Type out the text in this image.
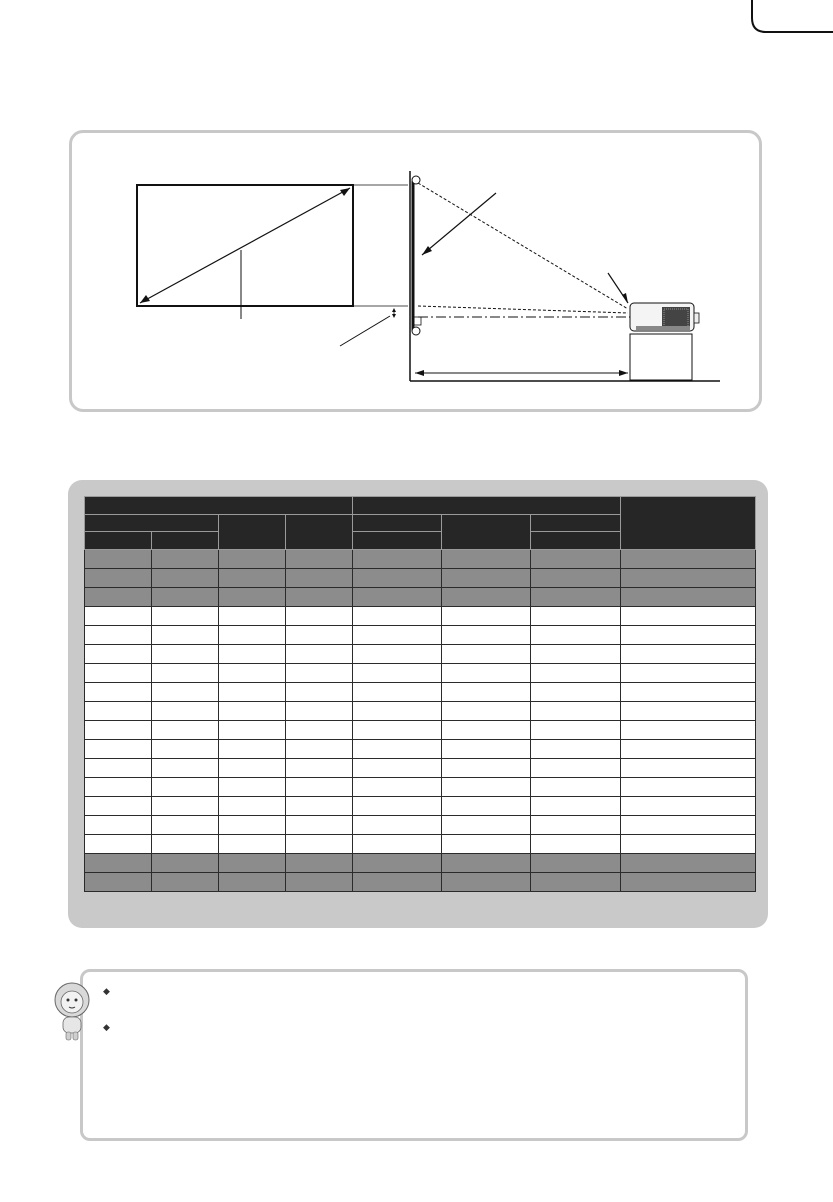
◆
◆
